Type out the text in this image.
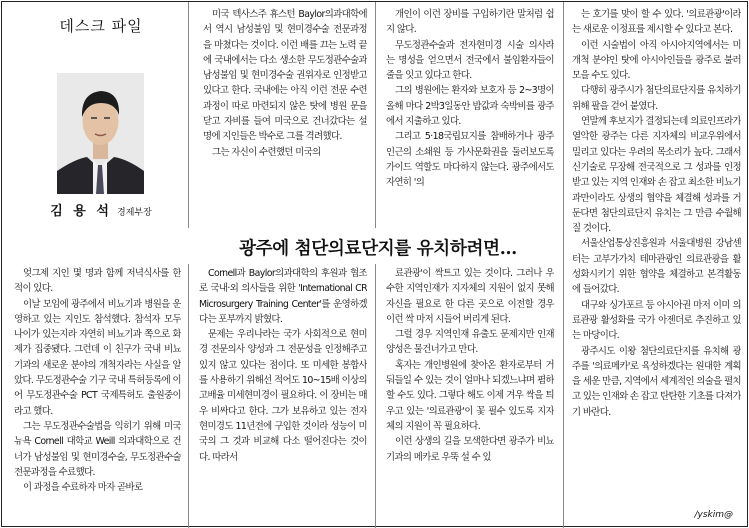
데스크 파일
김 용 석 경제부장
광주에 첨단의료단지를 유치하려면…

미국 텍사스주 휴스턴 Baylor의과대학에서 역시 남성불임 및 현미경수술 전문과정을 마쳤다는 것이다. 이런 배를 끄는 노력 끝에 국내에서는 다소 생소한 무도정관수술과 남성불임 및 현미경수술 권위자로 인정받고 있다고 한다. 국내에는 아직 이런 전문 수련과정이 따로 마련되지 않은 탓에 병원 문을 닫고 자비를 들여 미국으로 건너갔다는 설명에 지인들은 박수로 그를 격려했다.

그는 자신이 수련했던 미국의

개인이 이런 장비를 구입하기란 말처럼 쉽지 않다.

무도정관수술과 전자현미경 시술 의사라는 명성을 얻으면서 전국에서 불임환자들이 줄을 잇고 있다고 한다.

그의 병원에는 환자와 보호자 등 2~3명이 올해 마다 2박3일동안 밥값과 숙박비를 광주에서 지출하고 있다.

그리고 5·18국립묘지를 참배하거나 광주 인근의 소쇄원 등 가사문화권을 둘러보도록 가이드 역할도 마다하지 않는다. 광주에서도 자연히 '의

는 호기를 맞이 할 수 있다. '의료관광'이라는 새로운 이정표를 제시할 수 있다고 본다.

이런 시술법이 아직 아시아지역에서는 미개척 분야인 탓에 아시아인들을 광주로 불러 모을 수도 있다.

다행히 광주시가 첨단의료단지를 유치하기 위해 팔을 걷어 붙였다.

연말께 후보지가 결정되는데 의료인프라가 열악한 광주는 다른 지자체의 비교우위에서 밀리고 있다는 우려의 목소리가 높다. 그래서 신기술로 무장해 전국적으로 그 성과를 인정받고 있는 지역 인재와 손 잡고 최소한 비뇨기과만이라도 상생의 협약을 체결해 성과를 거둔다면 첨단의료단지 유치는 그 만큼 수월해 질 것이다.

서울산업통상진흥원과 서울대병원 강남센터는 고부가가치 테마관광인 의료관광을 활성화시키기 위한 협약을 체결하고 본격활동에 들어갔다.

대구와 싱가포르 등 아시아권 마저 이미 의료관광 활성화를 국가 아젠더로 추진하고 있는 마당이다.

광주시도 이왕 첨단의료단지를 유치해 광주를 '의료메카'로 육성하겠다는 원대한 계획을 세운 만큼, 지역에서 세계적인 의술을 펼치고 있는 인재와 손 잡고 탄탄한 기초를 다져가기 바란다.

엊그제 지인 몇 명과 함께 저녁식사를 한 적이 있다.

이날 모임에 광주에서 비뇨기과 병원을 운영하고 있는 지인도 참석했다. 참석자 모두 나이가 있는지라 자연히 비뇨기과 쪽으로 화제가 집중됐다. 그런데 이 친구가 국내 비뇨기과의 새로운 분야의 개척자라는 사실을 알았다. 무도정관수술 기구 국내 특허등록에 이어 무도정관수술 PCT 국제특허도 출원중이라고 했다.

그는 무도정관수술법을 익히기 위해 미국 뉴욕 Cornell 대학교 Weill 의과대학으로 건너가 남성불임 및 현미경수술, 무도정관수술 전문과정을 수료했다.

이 과정을 수료하자 마자 곧바로

Cornell과 Baylor의과대학의 후원과 협조로 국내·외 의사들을 위한 'International CR Microsurgery Training Center'를 운영하겠다는 포부까지 밝혔다.

문제는 우리나라는 국가 사회적으로 현미경 전문의사 양성과 그 전문성을 인정해주고 있지 않고 있다는 점이다. 또 미세한 봉합사를 사용하기 위해선 적어도 10~15배 이상의 고배율 미세현미경이 필요하다. 이 장비는 매우 비싸다고 한다. 그가 보유하고 있는 전자현미경도 11년전에 구입한 것이라 성능이 미국의 그 것과 비교해 다소 떨어진다는 것이다. 따라서

료관광'이 싹트고 있는 것이다. 그러나 우수한 지역인재가 지자체의 지원이 없지 못해 자신을 필요로 한 다른 곳으로 이전할 경우 이런 싹 마저 시들어 버리게 된다.

그럴 경우 지역인재 유출도 문제지만 인재 양성은 물건너가고 만다.

혹자는 개인병원에 찾아온 환자로부터 거둬들일 수 있는 것이 얼마나 되겠느냐며 폄하할 수도 있다. 그렇다 해도 이제 겨우 싹을 틔우고 있는 '의료관광'이 꽃 필수 있도록 지자체의 지원이 꼭 필요하다.

이런 상생의 길을 모색한다면 광주가 비뇨기과의 메카로 우뚝 설 수 있

/yskim@
